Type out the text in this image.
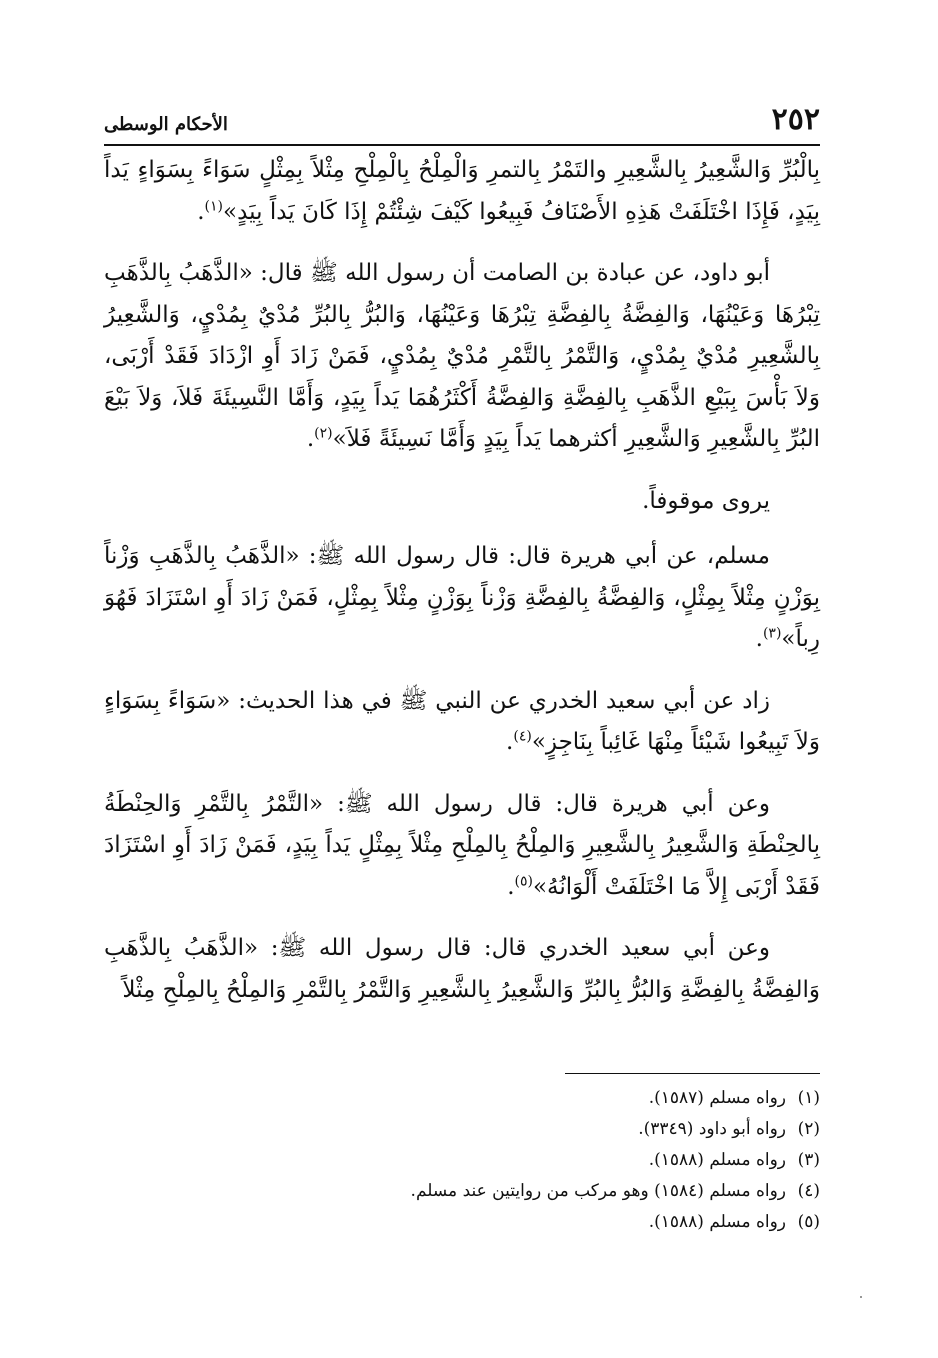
٢٥٢
الأحكام الوسطى

بِالْبُرِّ وَالشَّعِيرُ بِالشَّعِيرِ والتَمْرُ بِالتمرِ وَالْمِلْحُ بِالْمِلْحِ مِثْلاً بِمِثْلٍ سَوَاءً بِسَوَاءٍ يَداً بِيَدٍ، فَإِذَا اخْتَلَفَتْ هَذِهِ الأَصْنَافُ فَبِيعُوا كَيْفَ شِئْتُمْ إِذَا كَانَ يَداً بِيَدٍ»$^{(١)}$.

أبو داود، عن عبادة بن الصامت أن رسول الله ﷺ قال: «الذَّهَبُ بِالذَّهَبِ تِبْرُهَا وَعَيْنُهَا، وَالفِضَّةُ بِالفِضَّةِ تِبْرُهَا وَعَيْنُهَا، وَالبُرُّ بِالبُرِّ مُدْيٌ بِمُدْيٍ، وَالشَّعِيرُ بِالشَّعِيرِ مُدْيٌ بِمُدْيٍ، وَالتَّمْرُ بِالتَّمْرِ مُدْيٌ بِمُدْيٍ، فَمَنْ زَادَ أَوِ ازْدَادَ فَقَدْ أَرْبَى، وَلاَ بَأْسَ بِبَيْعِ الذَّهَبِ بِالفِضَّةِ وَالفِضَّةُ أَكْثَرُهُمَا يَداً بِيَدٍ، وَأَمَّا النَّسِيئَةَ فَلاَ، وَلاَ بَيْعَ البُرِّ بِالشَّعِيرِ وَالشَّعِيرِ أكثرهما يَداً بِيَدٍ وَأَمَّا نَسِيئَةً فَلاَ»$^{(٢)}$.

يروى موقوفاً.

مسلم، عن أبي هريرة قال: قال رسول الله ﷺ: «الذَّهَبُ بِالذَّهَبِ وَزْناً بِوَزْنٍ مِثْلاً بِمِثْلٍ، وَالفِضَّةُ بِالفِضَّةِ وَزْناً بِوَزْنٍ مِثْلاً بِمِثْلٍ، فَمَنْ زَادَ أَوِ اسْتَزَادَ فَهُوَ رِباً»$^{(٣)}$.

زاد عن أبي سعيد الخدري عن النبي ﷺ في هذا الحديث: «سَوَاءً بِسَوَاءٍ وَلاَ تَبِيعُوا شَيْئاً مِنْهَا غَائِباً بِنَاجِزٍ»$^{(٤)}$.

وعن أبي هريرة قال: قال رسول الله ﷺ: «التَّمْرُ بِالتَّمْرِ وَالحِنْطَةُ بِالحِنْطَةِ وَالشَّعِيرُ بِالشَّعِيرِ وَالمِلْحُ بِالمِلْحِ مِثْلاً بِمِثْلٍ يَداً بِيَدٍ، فَمَنْ زَادَ أَوِ اسْتَزَادَ فَقَدْ أَرْبَى إِلاَّ مَا اخْتَلَفَتْ أَلْوَانُهُ»$^{(٥)}$.

وعن أبي سعيد الخدري قال: قال رسول الله ﷺ: «الذَّهَبُ بِالذَّهَبِ وَالفِضَّةُ بِالفِضَّةِ وَالبُرُّ بِالبُرِّ وَالشَّعِيرُ بِالشَّعِيرِ وَالتَّمْرُ بِالتَّمْرِ وَالمِلْحُ بِالمِلْحِ مِثْلاً

(١)
رواه مسلم (١٥٨٧).
(٢)
رواه أبو داود (٣٣٤٩).
(٣)
رواه مسلم (١٥٨٨).
(٤)
رواه مسلم (١٥٨٤) وهو مركب من روايتين عند مسلم.
(٥)
رواه مسلم (١٥٨٨).
